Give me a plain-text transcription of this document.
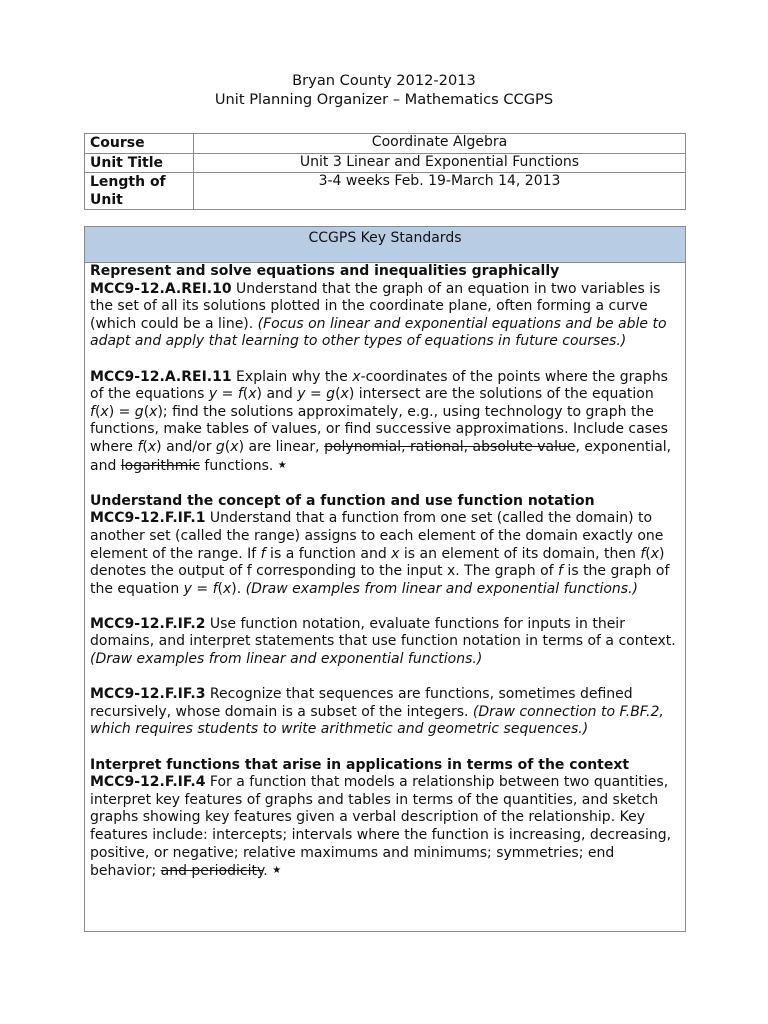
Bryan County 2012-2013
Unit Planning Organizer – Mathematics CCGPS
Course	Coordinate Algebra
Unit Title	Unit 3 Linear and Exponential Functions
Length of Unit	3-4 weeks Feb. 19-March 14, 2013
CCGPS Key Standards

Represent and solve equations and inequalities graphically

MCC9-12.A.REI.10 Understand that the graph of an equation in two variables is the set of all its solutions plotted in the coordinate plane, often forming a curve (which could be a line). (Focus on linear and exponential equations and be able to adapt and apply that learning to other types of equations in future courses.)

MCC9-12.A.REI.11 Explain why the x-coordinates of the points where the graphs of the equations y = f(x) and y = g(x) intersect are the solutions of the equation f(x) = g(x); find the solutions approximately, e.g., using technology to graph the functions, make tables of values, or find successive approximations. Include cases where f(x) and/or g(x) are linear, polynomial, rational, absolute value, exponential, and logarithmic functions. ★

Understand the concept of a function and use function notation

MCC9-12.F.IF.1 Understand that a function from one set (called the domain) to another set (called the range) assigns to each element of the domain exactly one element of the range. If f is a function and x is an element of its domain, then f(x) denotes the output of f corresponding to the input x. The graph of f is the graph of the equation y = f(x). (Draw examples from linear and exponential functions.)

MCC9-12.F.IF.2 Use function notation, evaluate functions for inputs in their domains, and interpret statements that use function notation in terms of a context. (Draw examples from linear and exponential functions.)

MCC9-12.F.IF.3 Recognize that sequences are functions, sometimes defined recursively, whose domain is a subset of the integers. (Draw connection to F.BF.2, which requires students to write arithmetic and geometric sequences.)

Interpret functions that arise in applications in terms of the context

MCC9-12.F.IF.4 For a function that models a relationship between two quantities, interpret key features of graphs and tables in terms of the quantities, and sketch graphs showing key features given a verbal description of the relationship. Key features include: intercepts; intervals where the function is increasing, decreasing, positive, or negative; relative maximums and minimums; symmetries; end behavior; and periodicity. ★
